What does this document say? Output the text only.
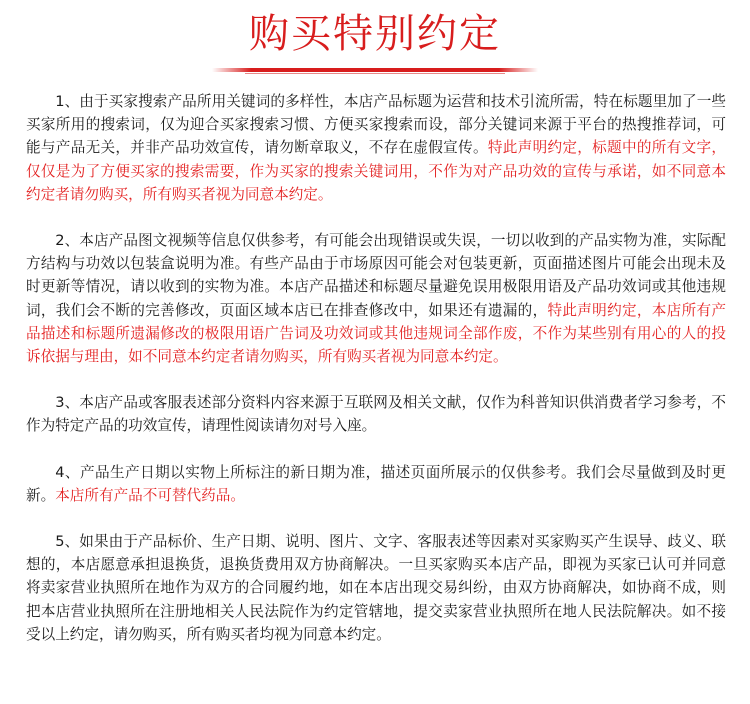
购买特别约定

1、由于买家搜索产品所用关键词的多样性，本店产品标题为运营和技术引流所需，特在标题里加了一些买家所用的搜索词，仅为迎合买家搜索习惯、方便买家搜索而设，部分关键词来源于平台的热搜推荐词，可能与产品无关，并非产品功效宣传，请勿断章取义，不存在虚假宣传。特此声明约定，标题中的所有文字，仅仅是为了方便买家的搜索需要，作为买家的搜索关键词用，不作为对产品功效的宣传与承诺，如不同意本约定者请勿购买，所有购买者视为同意本约定。

2、本店产品图文视频等信息仅供参考，有可能会出现错误或失误，一切以收到的产品实物为准，实际配方结构与功效以包装盒说明为准。有些产品由于市场原因可能会对包装更新，页面描述图片可能会出现未及时更新等情况，请以收到的实物为准。本店产品描述和标题尽量避免误用极限用语及产品功效词或其他违规词，我们会不断的完善修改，页面区域本店已在排查修改中，如果还有遗漏的，特此声明约定，本店所有产品描述和标题所遗漏修改的极限用语广告词及功效词或其他违规词全部作废，不作为某些别有用心的人的投诉依据与理由，如不同意本约定者请勿购买，所有购买者视为同意本约定。

3、本店产品或客服表述部分资料内容来源于互联网及相关文献，仅作为科普知识供消费者学习参考，不作为特定产品的功效宣传，请理性阅读请勿对号入座。

4、产品生产日期以实物上所标注的新日期为准，描述页面所展示的仅供参考。我们会尽量做到及时更新。本店所有产品不可替代药品。

5、如果由于产品标价、生产日期、说明、图片、文字、客服表述等因素对买家购买产生误导、歧义、联想的，本店愿意承担退换货，退换货费用双方协商解决。一旦买家购买本店产品，即视为买家已认可并同意将卖家营业执照所在地作为双方的合同履约地，如在本店出现交易纠纷，由双方协商解决，如协商不成，则把本店营业执照所在注册地相关人民法院作为约定管辖地，提交卖家营业执照所在地人民法院解决。如不接受以上约定，请勿购买，所有购买者均视为同意本约定。
